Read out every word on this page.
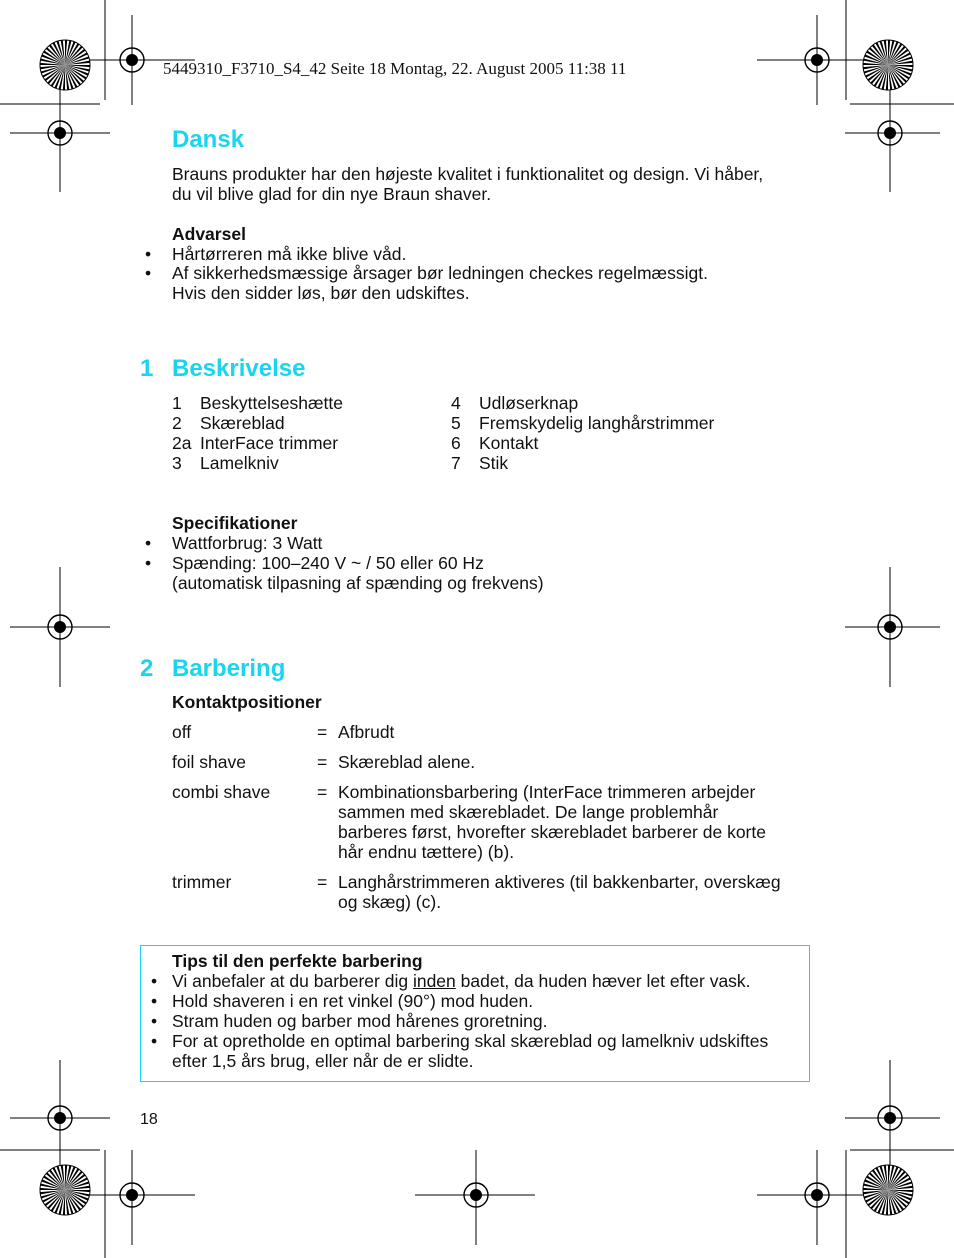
5449310_F3710_S4_42 Seite 18 Montag, 22. August 2005 11:38 11
Dansk
Brauns produkter har den højeste kvalitet i funktionalitet og design. Vi håber,
du vil blive glad for din nye Braun shaver.
Advarsel
• Hårtørreren må ikke blive våd.
• Af sikkerhedsmæssige årsager bør ledningen checkes regelmæssigt.
Hvis den sidder løs, bør den udskiftes.
1 Beskrivelse
1 Beskyttelseshætte
2 Skæreblad
2a InterFace trimmer
3 Lamelkniv
4 Udløserknap
5 Fremskydelig langhårstrimmer
6 Kontakt
7 Stik
Specifikationer
• Wattforbrug: 3 Watt
• Spænding: 100–240 V ~ / 50 eller 60 Hz
(automatisk tilpasning af spænding og frekvens)
2 Barbering
Kontaktpositioner
off	= Afbrudt
foil shave	= Skæreblad alene.
combi shave	= Kombinationsbarbering (InterFace trimmeren arbejder
sammen med skærebladet. De lange problemhår
barberes først, hvorefter skærebladet barberer de korte
hår endnu tættere) (b).
trimmer	= Langhårstrimmeren aktiveres (til bakkenbarter, overskæg
og skæg) (c).
Tips til den perfekte barbering
• Vi anbefaler at du barberer dig inden badet, da huden hæver let efter vask.
• Hold shaveren i en ret vinkel (90°) mod huden.
• Stram huden og barber mod hårenes groretning.
• For at opretholde en optimal barbering skal skæreblad og lamelkniv udskiftes
efter 1,5 års brug, eller når de er slidte.
18
